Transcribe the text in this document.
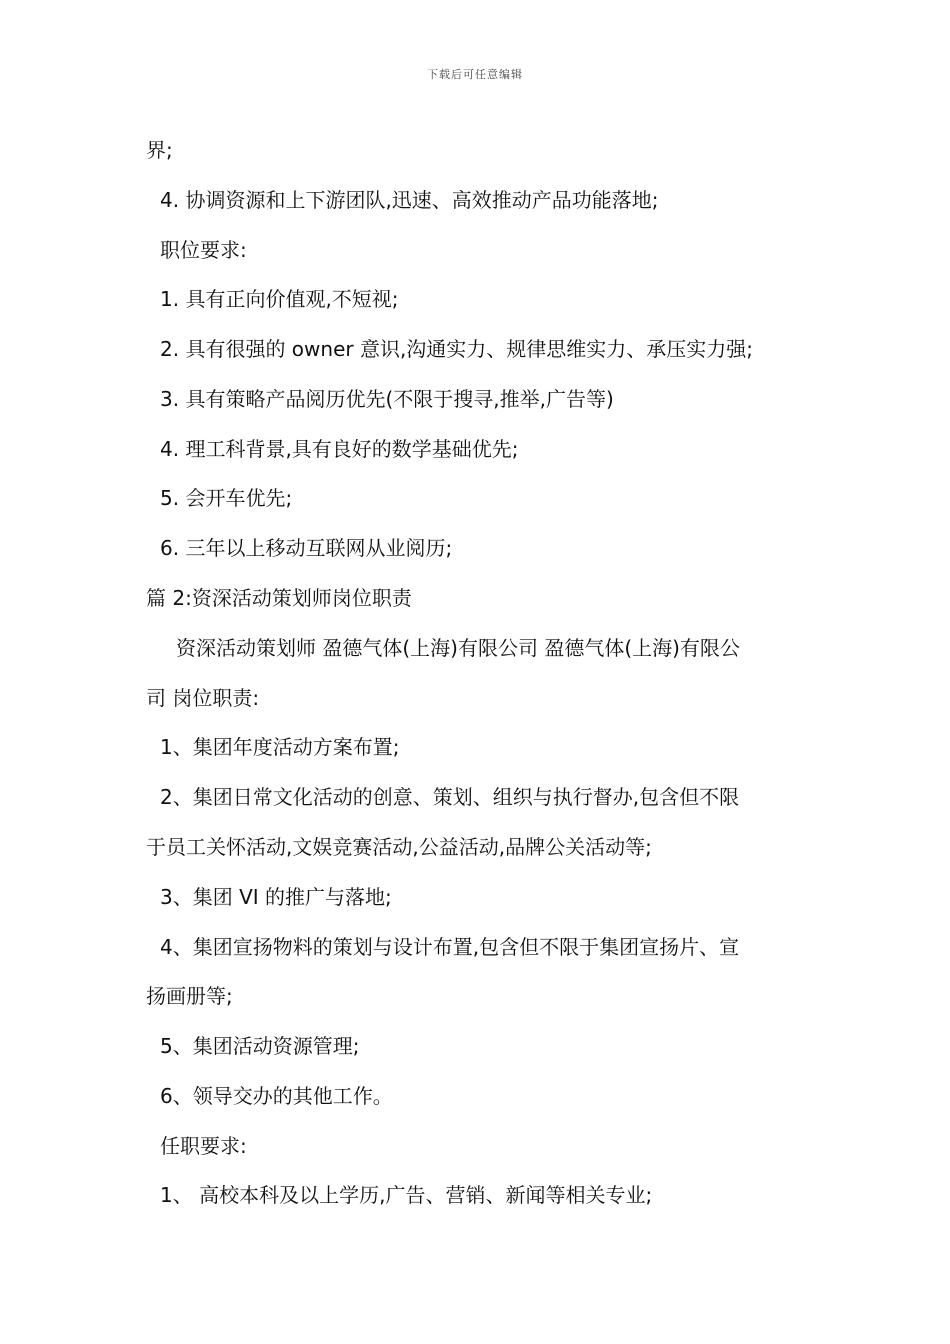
下载后可任意编辑
界;
4. 协调资源和上下游团队,迅速、高效推动产品功能落地;
职位要求:
1. 具有正向价值观,不短视;
2. 具有很强的 owner 意识,沟通实力、规律思维实力、承压实力强;
3. 具有策略产品阅历优先(不限于搜寻,推举,广告等)
4. 理工科背景,具有良好的数学基础优先;
5. 会开车优先;
6. 三年以上移动互联网从业阅历;
篇 2:资深活动策划师岗位职责
资深活动策划师 盈德气体(上海)有限公司 盈德气体(上海)有限公
司 岗位职责:
1、集团年度活动方案布置;
2、集团日常文化活动的创意、策划、组织与执行督办,包含但不限
于员工关怀活动,文娱竞赛活动,公益活动,品牌公关活动等;
3、集团 VI 的推广与落地;
4、集团宣扬物料的策划与设计布置,包含但不限于集团宣扬片、宣
扬画册等;
5、集团活动资源管理;
6、领导交办的其他工作。
任职要求:
1、 高校本科及以上学历,广告、营销、新闻等相关专业;
